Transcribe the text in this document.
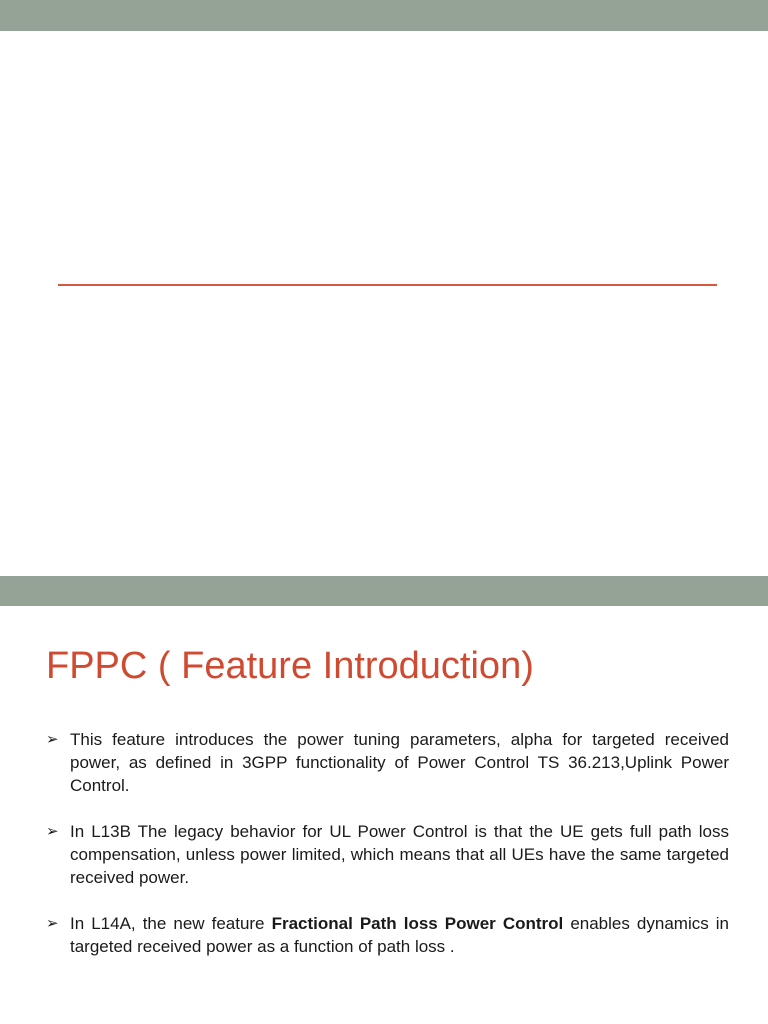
FPPC ( Feature Introduction)
➢ This feature introduces the power tuning parameters, alpha for targeted received power, as defined in 3GPP functionality of Power Control TS 36.213,Uplink Power Control.
➢ In L13B The legacy behavior for UL Power Control is that the UE gets full path loss compensation, unless power limited, which means that all UEs have the same targeted received power.
➢ In L14A, the new feature Fractional Path loss Power Control enables dynamics in targeted received power as a function of path loss .
